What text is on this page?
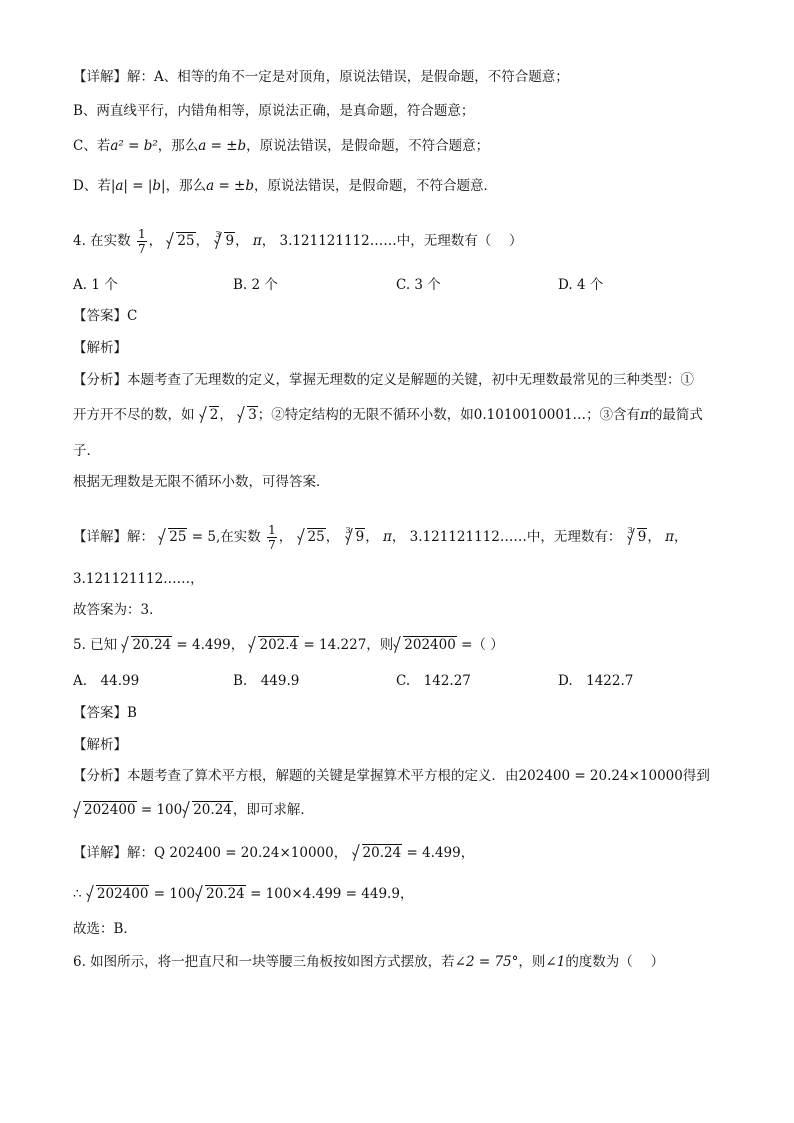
【详解】解：A、相等的角不一定是对顶角，原说法错误，是假命题，不符合题意；
B、两直线平行，内错角相等，原说法正确，是真命题，符合题意；
C、若a² = b²，那么a = ±b，原说法错误，是假命题，不符合题意；
D、若|a| = |b|，那么a = ±b，原说法错误，是假命题，不符合题意．
4. 在实数 $\frac{1}{7}$ ， 25， $^3$ 9， π， 3.121121112……中，无理数有（　 ）
A. 1 个	B. 2 个	C. 3 个	D. 4 个
【答案】C
【解析】
【分析】本题考查了无理数的定义，掌握无理数的定义是解题的关键，初中无理数最常见的三种类型：①
开方开不尽的数，如 2， 3；②特定结构的无限不循环小数，如0.1010010001…；③含有π的最简式
子．
根据无理数是无限不循环小数，可得答案．
【详解】解： 25 = 5,在实数 $\frac{1}{7}$ ， 25， $^3$ 9， π， 3.121121112……中，无理数有： $^3$ 9， π，
3.121121112……，
故答案为：3．
5. 已知 20.24 = 4.499， 202.4 = 14.227，则 202400 =（ ）
A.　44.99	B.　449.9	C.　142.27	D.　1422.7
【答案】B
【解析】
【分析】本题考查了算术平方根，解题的关键是掌握算术平方根的定义．由202400 = 20.24×10000得到
202400 = 100 20.24，即可求解．
【详解】解：Q 202400 = 20.24×10000， 20.24 = 4.499，
∴ 202400 = 100 20.24 = 100×4.499 = 449.9，
故选：B．
6. 如图所示，将一把直尺和一块等腰三角板按如图方式摆放，若∠2 = 75°，则∠1的度数为（　 ）
